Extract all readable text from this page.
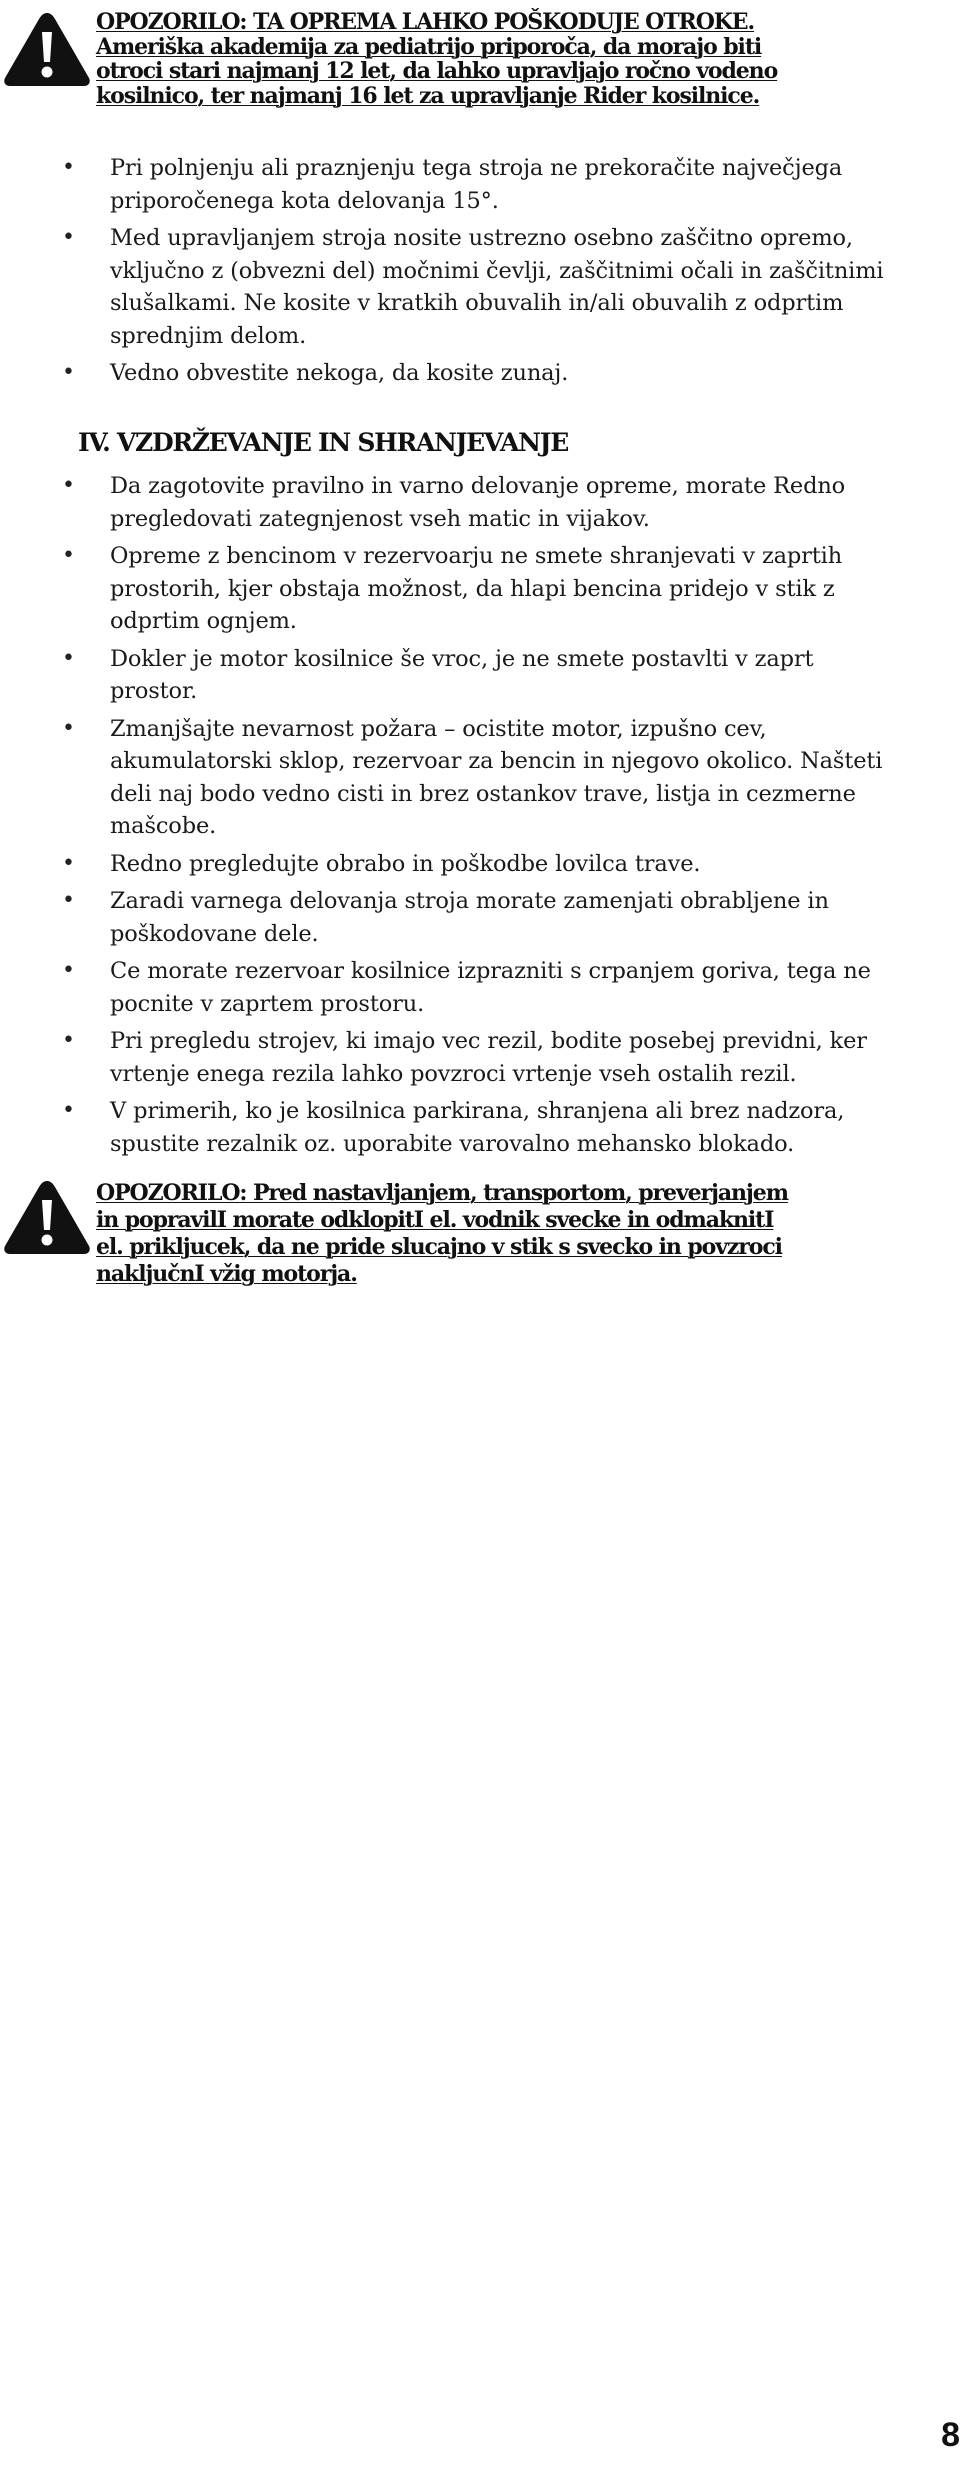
OPOZORILO: TA OPREMA LAHKO POŠKODUJE OTROKE.
Ameriška akademija za pediatrijo priporoča, da morajo biti
otroci stari najmanj 12 let, da lahko upravljajo ročno vodeno
kosilnico, ter najmanj 16 let za upravljanje Rider kosilnice.
• Pri polnjenju ali praznjenju tega stroja ne prekoračite največjega priporočenega kota delovanja 15°.
• Med upravljanjem stroja nosite ustrezno osebno zaščitno opremo, vključno z (obvezni del) močnimi čevlji, zaščitnimi očali in zaščitnimi slušalkami. Ne kosite v kratkih obuvalih in/ali obuvalih z odprtim sprednjim delom.
• Vedno obvestite nekoga, da kosite zunaj.
IV. VZDRŽEVANJE IN SHRANJEVANJE
• Da zagotovite pravilno in varno delovanje opreme, morate Redno pregledovati zategnjenost vseh matic in vijakov.
• Opreme z bencinom v rezervoarju ne smete shranjevati v zaprtih prostorih, kjer obstaja možnost, da hlapi bencina pridejo v stik z odprtim ognjem.
• Dokler je motor kosilnice še vroc, je ne smete postavlti v zaprt prostor.
• Zmanjšajte nevarnost požara – ocistite motor, izpušno cev, akumulatorski sklop, rezervoar za bencin in njegovo okolico. Našteti deli naj bodo vedno cisti in brez ostankov trave, listja in cezmerne mašcobe.
• Redno pregledujte obrabo in poškodbe lovilca trave.
• Zaradi varnega delovanja stroja morate zamenjati obrabljene in poškodovane dele.
• Ce morate rezervoar kosilnice izprazniti s crpanjem goriva, tega ne pocnite v zaprtem prostoru.
• Pri pregledu strojev, ki imajo vec rezil, bodite posebej previdni, ker vrtenje enega rezila lahko povzroci vrtenje vseh ostalih rezil.
• V primerih, ko je kosilnica parkirana, shranjena ali brez nadzora, spustite rezalnik oz. uporabite varovalno mehansko blokado.
OPOZORILO: Pred nastavljanjem, transportom, preverjanjem
in popravilI morate odklopitI el. vodnik svecke in odmaknitI
el. prikljucek, da ne pride slucajno v stik s svecko in povzroci
naključnI vžig motorja.
8
